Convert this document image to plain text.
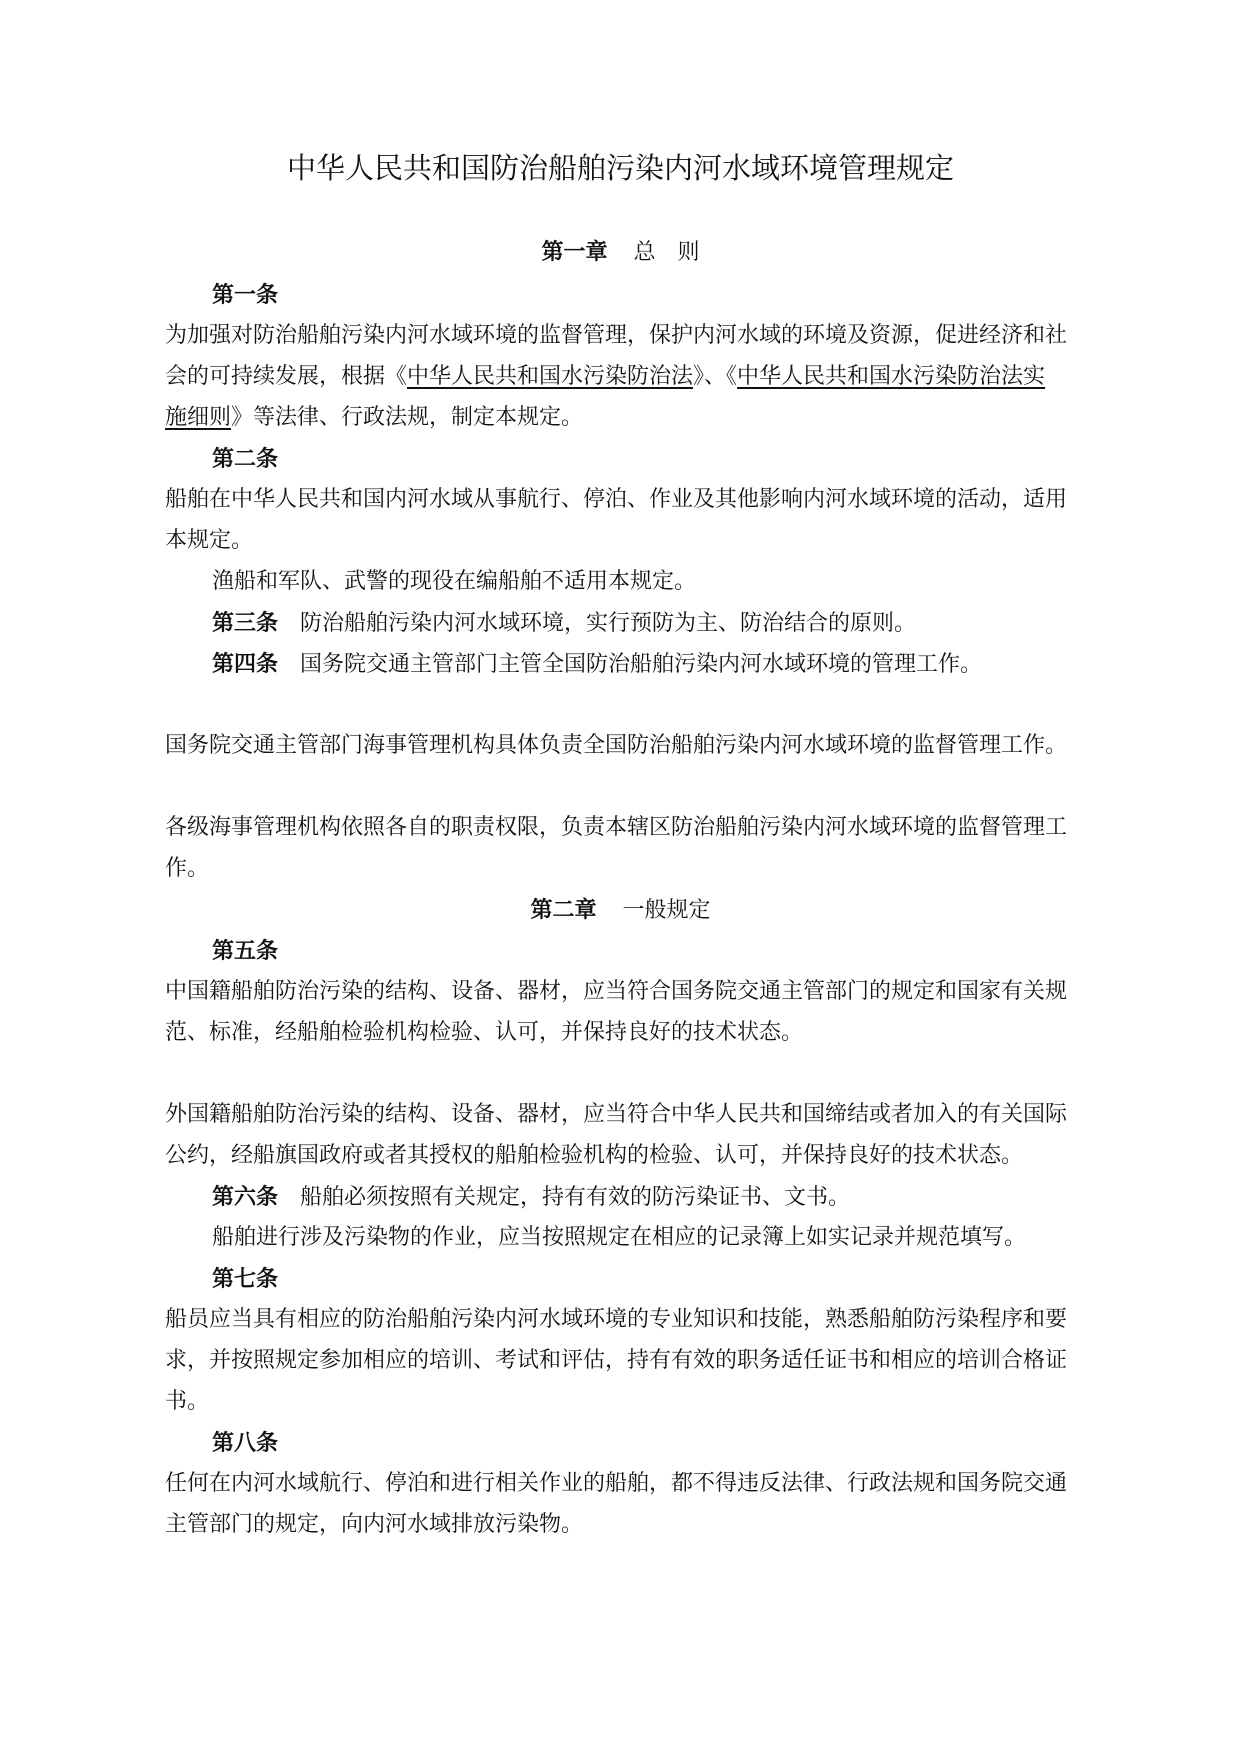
中华人民共和国防治船舶污染内河水域环境管理规定
第一章 总　则
第一条
为加强对防治船舶污染内河水域环境的监督管理，保护内河水域的环境及资源，促进经济和社
会的可持续发展，根据《中华人民共和国水污染防治法》、《中华人民共和国水污染防治法实
施细则》等法律、行政法规，制定本规定。
第二条
船舶在中华人民共和国内河水域从事航行、停泊、作业及其他影响内河水域环境的活动，适用
本规定。
渔船和军队、武警的现役在编船舶不适用本规定。
第三条 防治船舶污染内河水域环境，实行预防为主、防治结合的原则。
第四条 国务院交通主管部门主管全国防治船舶污染内河水域环境的管理工作。
国务院交通主管部门海事管理机构具体负责全国防治船舶污染内河水域环境的监督管理工作。
各级海事管理机构依照各自的职责权限，负责本辖区防治船舶污染内河水域环境的监督管理工
作。
第二章 一般规定
第五条
中国籍船舶防治污染的结构、设备、器材，应当符合国务院交通主管部门的规定和国家有关规
范、标准，经船舶检验机构检验、认可，并保持良好的技术状态。
外国籍船舶防治污染的结构、设备、器材，应当符合中华人民共和国缔结或者加入的有关国际
公约，经船旗国政府或者其授权的船舶检验机构的检验、认可，并保持良好的技术状态。
第六条 船舶必须按照有关规定，持有有效的防污染证书、文书。
船舶进行涉及污染物的作业，应当按照规定在相应的记录簿上如实记录并规范填写。
第七条
船员应当具有相应的防治船舶污染内河水域环境的专业知识和技能，熟悉船舶防污染程序和要
求，并按照规定参加相应的培训、考试和评估，持有有效的职务适任证书和相应的培训合格证
书。
第八条
任何在内河水域航行、停泊和进行相关作业的船舶，都不得违反法律、行政法规和国务院交通
主管部门的规定，向内河水域排放污染物。
